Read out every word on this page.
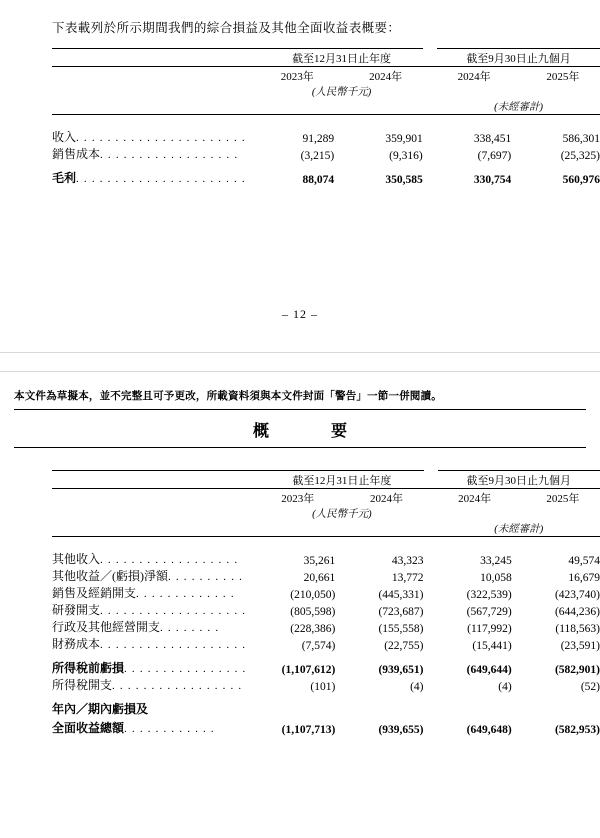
下表載列於所示期間我們的綜合損益及其他全面收益表概要：

	截至12月31日止年度				截至9月30日止九個月		

	2023年		2024年		2024年		2025年
	(人民幣千元)						
					(未經審計)		

收入. . . . . . . . . . . . . . . . . . . . . .	91,289		359,901		338,451		586,301
銷售成本. . . . . . . . . . . . . . . . . .	(3,215)		(9,316)		(7,697)		(25,325)

毛利. . . . . . . . . . . . . . . . . . . . . .	88,074		350,585		330,754		560,976
– 12 –
本文件為草擬本，並不完整且可予更改，所載資料須與本文件封面「警告」一節一併閱讀。
概　　要

	截至12月31日止年度				截至9月30日止九個月		

	2023年		2024年		2024年		2025年
	(人民幣千元)						
					(未經審計)		

其他收入. . . . . . . . . . . . . . . . . .	35,261		43,323		33,245		49,574
其他收益／(虧損)淨額. . . . . . . . . .	20,661		13,772		10,058		16,679
銷售及經銷開支. . . . . . . . . . . . .	(210,050)		(445,331)		(322,539)		(423,740)
研發開支. . . . . . . . . . . . . . . . . . .	(805,598)		(723,687)		(567,729)		(644,236)
行政及其他經營開支. . . . . . . .	(228,386)		(155,558)		(117,992)		(118,563)
財務成本. . . . . . . . . . . . . . . . . . .	(7,574)		(22,755)		(15,441)		(23,591)

所得稅前虧損. . . . . . . . . . . . . . . .	(1,107,612)		(939,651)		(649,644)		(582,901)
所得稅開支. . . . . . . . . . . . . . . . .	(101)		(4)		(4)		(52)

年內／期內虧損及							
全面收益總額. . . . . . . . . . . .	(1,107,713)		(939,655)		(649,648)		(582,953)
